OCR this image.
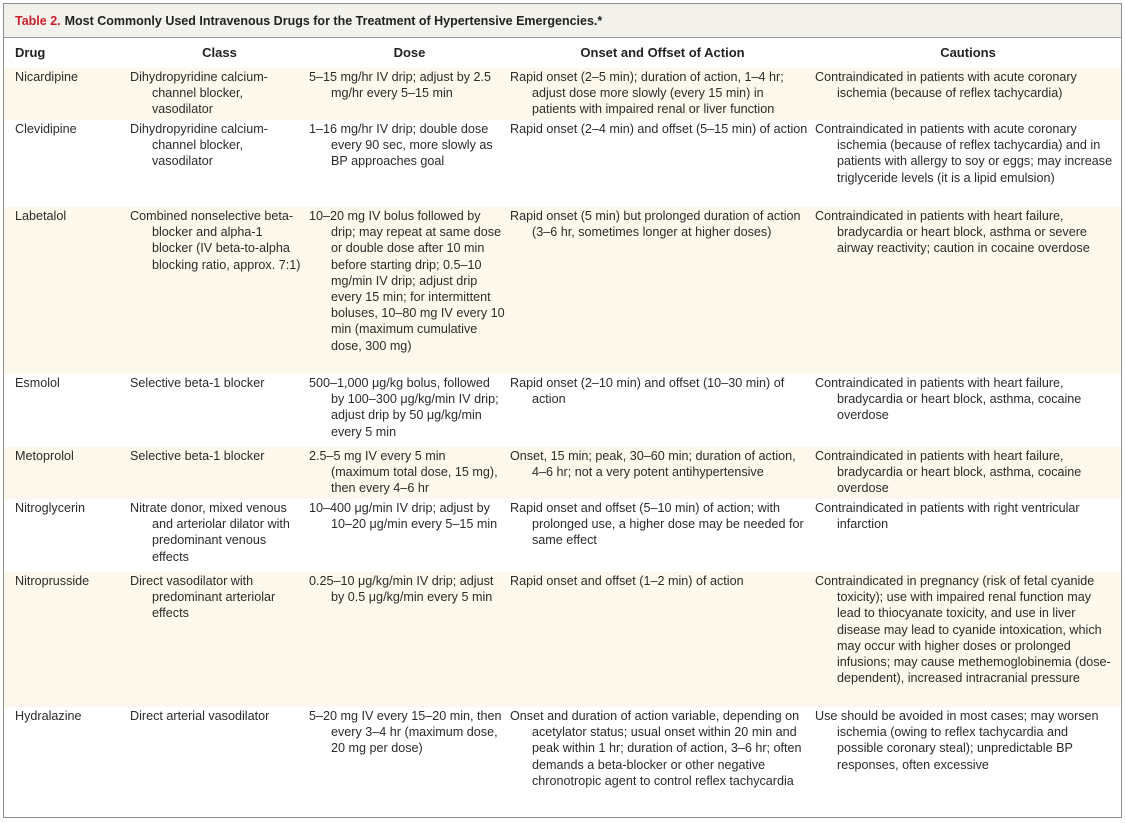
Table 2. Most Commonly Used Intravenous Drugs for the Treatment of Hypertensive Emergencies.*
Drug	Class	Dose	Onset and Offset of Action	Cautions
Nicardipine	Dihydropyridine calcium-channel blocker, vasodilator	5–15 mg/hr IV drip; adjust by 2.5 mg/hr every 5–15 min	Rapid onset (2–5 min); duration of action, 1–4 hr; adjust dose more slowly (every 15 min) in patients with impaired renal or liver function	Contraindicated in patients with acute coronary ischemia (because of reflex tachycardia)

Clevidipine	Dihydropyridine calcium-channel blocker, vasodilator	1–16 mg/hr IV drip; double dose every 90 sec, more slowly as BP approaches goal	Rapid onset (2–4 min) and offset (5–15 min) of action	Contraindicated in patients with acute coronary ischemia (because of reflex tachycardia) and in patients with allergy to soy or eggs; may increase triglyceride levels (it is a lipid emulsion)

Labetalol	Combined nonselective beta-blocker and alpha-1 blocker (IV beta-to-alpha blocking ratio, approx. 7:1)	10–20 mg IV bolus followed by drip; may repeat at same dose or double dose after 10 min before starting drip; 0.5–10 mg/min IV drip; adjust drip every 15 min; for intermittent boluses, 10–80 mg IV every 10 min (maximum cumulative dose, 300 mg)	Rapid onset (5 min) but prolonged duration of action (3–6 hr, sometimes longer at higher doses)	Contraindicated in patients with heart failure, bradycardia or heart block, asthma or severe airway reactivity; caution in cocaine overdose

Esmolol	Selective beta-1 blocker	500–1,000 μg/kg bolus, followed by 100–300 μg/kg/min IV drip; adjust drip by 50 μg/kg/min every 5 min	Rapid onset (2–10 min) and offset (10–30 min) of action	Contraindicated in patients with heart failure, bradycardia or heart block, asthma, cocaine overdose

Metoprolol	Selective beta-1 blocker	2.5–5 mg IV every 5 min (maximum total dose, 15 mg), then every 4–6 hr	Onset, 15 min; peak, 30–60 min; duration of action, 4–6 hr; not a very potent antihypertensive	Contraindicated in patients with heart failure, bradycardia or heart block, asthma, cocaine overdose

Nitroglycerin	Nitrate donor, mixed venous and arteriolar dilator with predominant venous effects	10–400 μg/min IV drip; adjust by 10–20 μg/min every 5–15 min	Rapid onset and offset (5–10 min) of action; with prolonged use, a higher dose may be needed for same effect	Contraindicated in patients with right ventricular infarction

Nitroprusside	Direct vasodilator with predominant arteriolar effects	0.25–10 μg/kg/min IV drip; adjust by 0.5 μg/kg/min every 5 min	Rapid onset and offset (1–2 min) of action	Contraindicated in pregnancy (risk of fetal cyanide toxicity); use with impaired renal function may lead to thiocyanate toxicity, and use in liver disease may lead to cyanide intoxication, which may occur with higher doses or prolonged infusions; may cause methemoglobinemia (dose-dependent), increased intracranial pressure

Hydralazine	Direct arterial vasodilator	5–20 mg IV every 15–20 min, then every 3–4 hr (maximum dose, 20 mg per dose)	Onset and duration of action variable, depending on acetylator status; usual onset within 20 min and peak within 1 hr; duration of action, 3–6 hr; often demands a beta-blocker or other negative chronotropic agent to control reflex tachycardia	Use should be avoided in most cases; may worsen ischemia (owing to reflex tachycardia and possible coronary steal); unpredictable BP responses, often excessive
